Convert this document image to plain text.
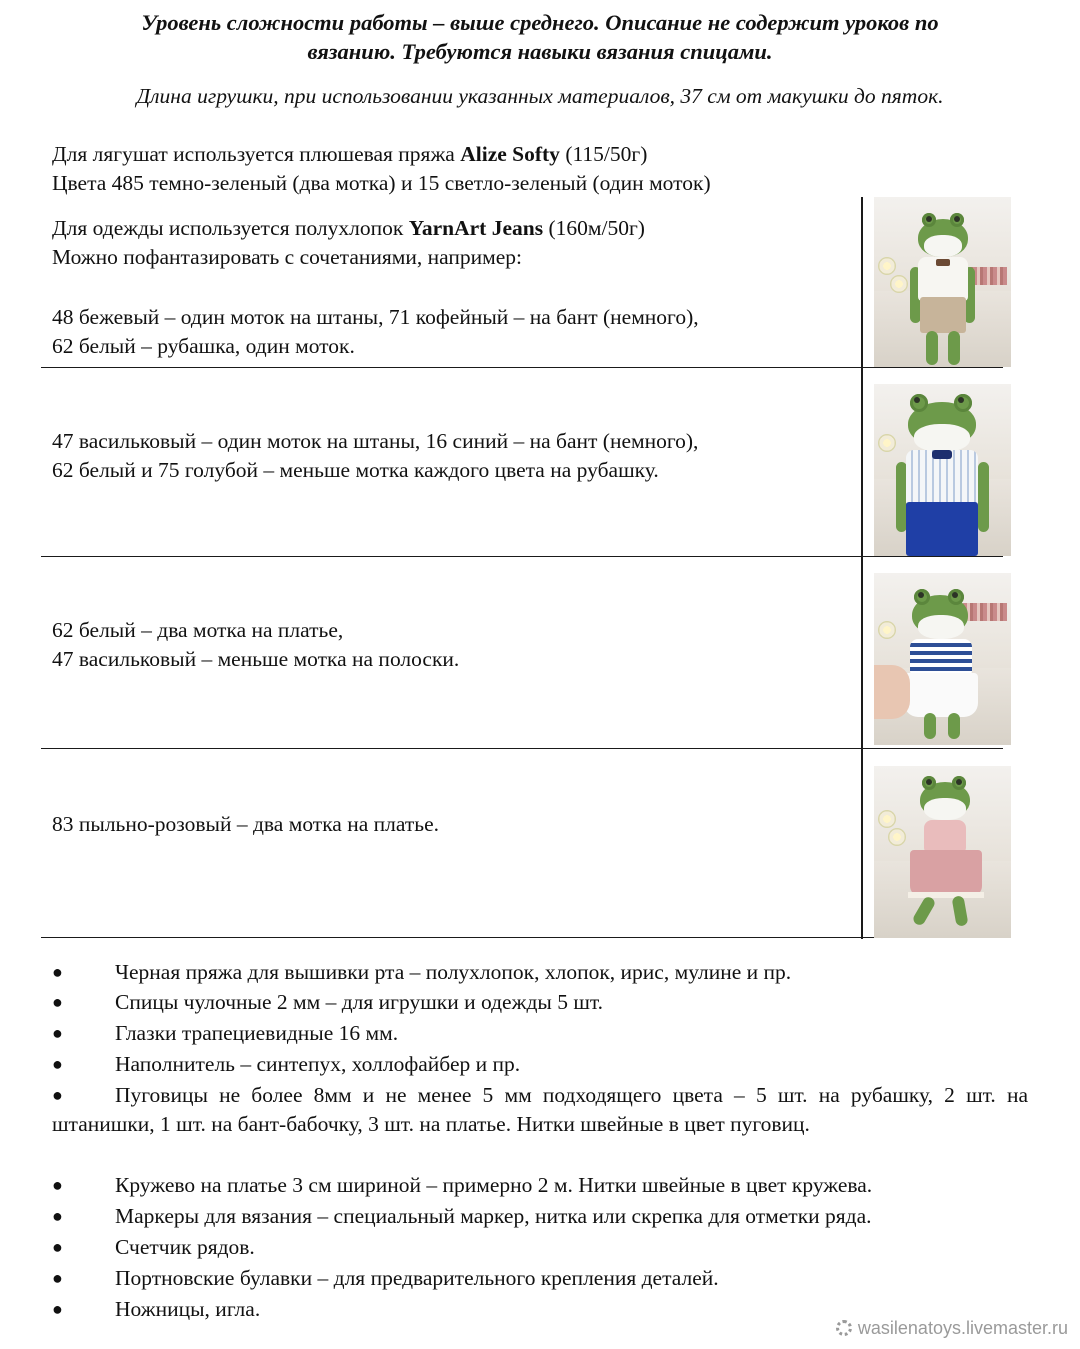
Уровень сложности работы – выше среднего. Описание не содержит уроков по
вязанию. Требуются навыки вязания спицами.
Длина игрушки, при использовании указанных материалов, 37 см от макушки до пяток.
Для лягушат используется плюшевая пряжа Alize Softy (115/50г)
Цвета 485 темно-зеленый (два мотка) и 15 светло-зеленый (один моток)
Для одежды используется полухлопок YarnArt Jeans (160м/50г)
Можно пофантазировать с сочетаниями, например:
48 бежевый – один моток на штаны, 71 кофейный – на бант (немного),
62 белый – рубашка, один моток.
47 васильковый – один моток на штаны, 16 синий – на бант (немного),
62 белый и 75 голубой – меньше мотка каждого цвета на рубашку.
62 белый – два мотка на платье,
47 васильковый – меньше мотка на полоски.
83 пыльно-розовый – два мотка на платье.
● Черная пряжа для вышивки рта – полухлопок, хлопок, ирис, мулине и пр.
● Спицы чулочные 2 мм – для игрушки и одежды 5 шт.
● Глазки трапециевидные 16 мм.
● Наполнитель – синтепух, холлофайбер и пр.
● Пуговицы не более 8мм и не менее 5 мм подходящего цвета – 5 шт. на рубашку, 2 шт. на штанишки, 1 шт. на бант-бабочку, 3 шт. на платье. Нитки швейные в цвет пуговиц.
● Кружево на платье 3 см шириной – примерно 2 м. Нитки швейные в цвет кружева.
● Маркеры для вязания – специальный маркер, нитка или скрепка для отметки ряда.
● Счетчик рядов.
● Портновские булавки – для предварительного крепления деталей.
● Ножницы, игла.
wasilenatoys.livemaster.ru
